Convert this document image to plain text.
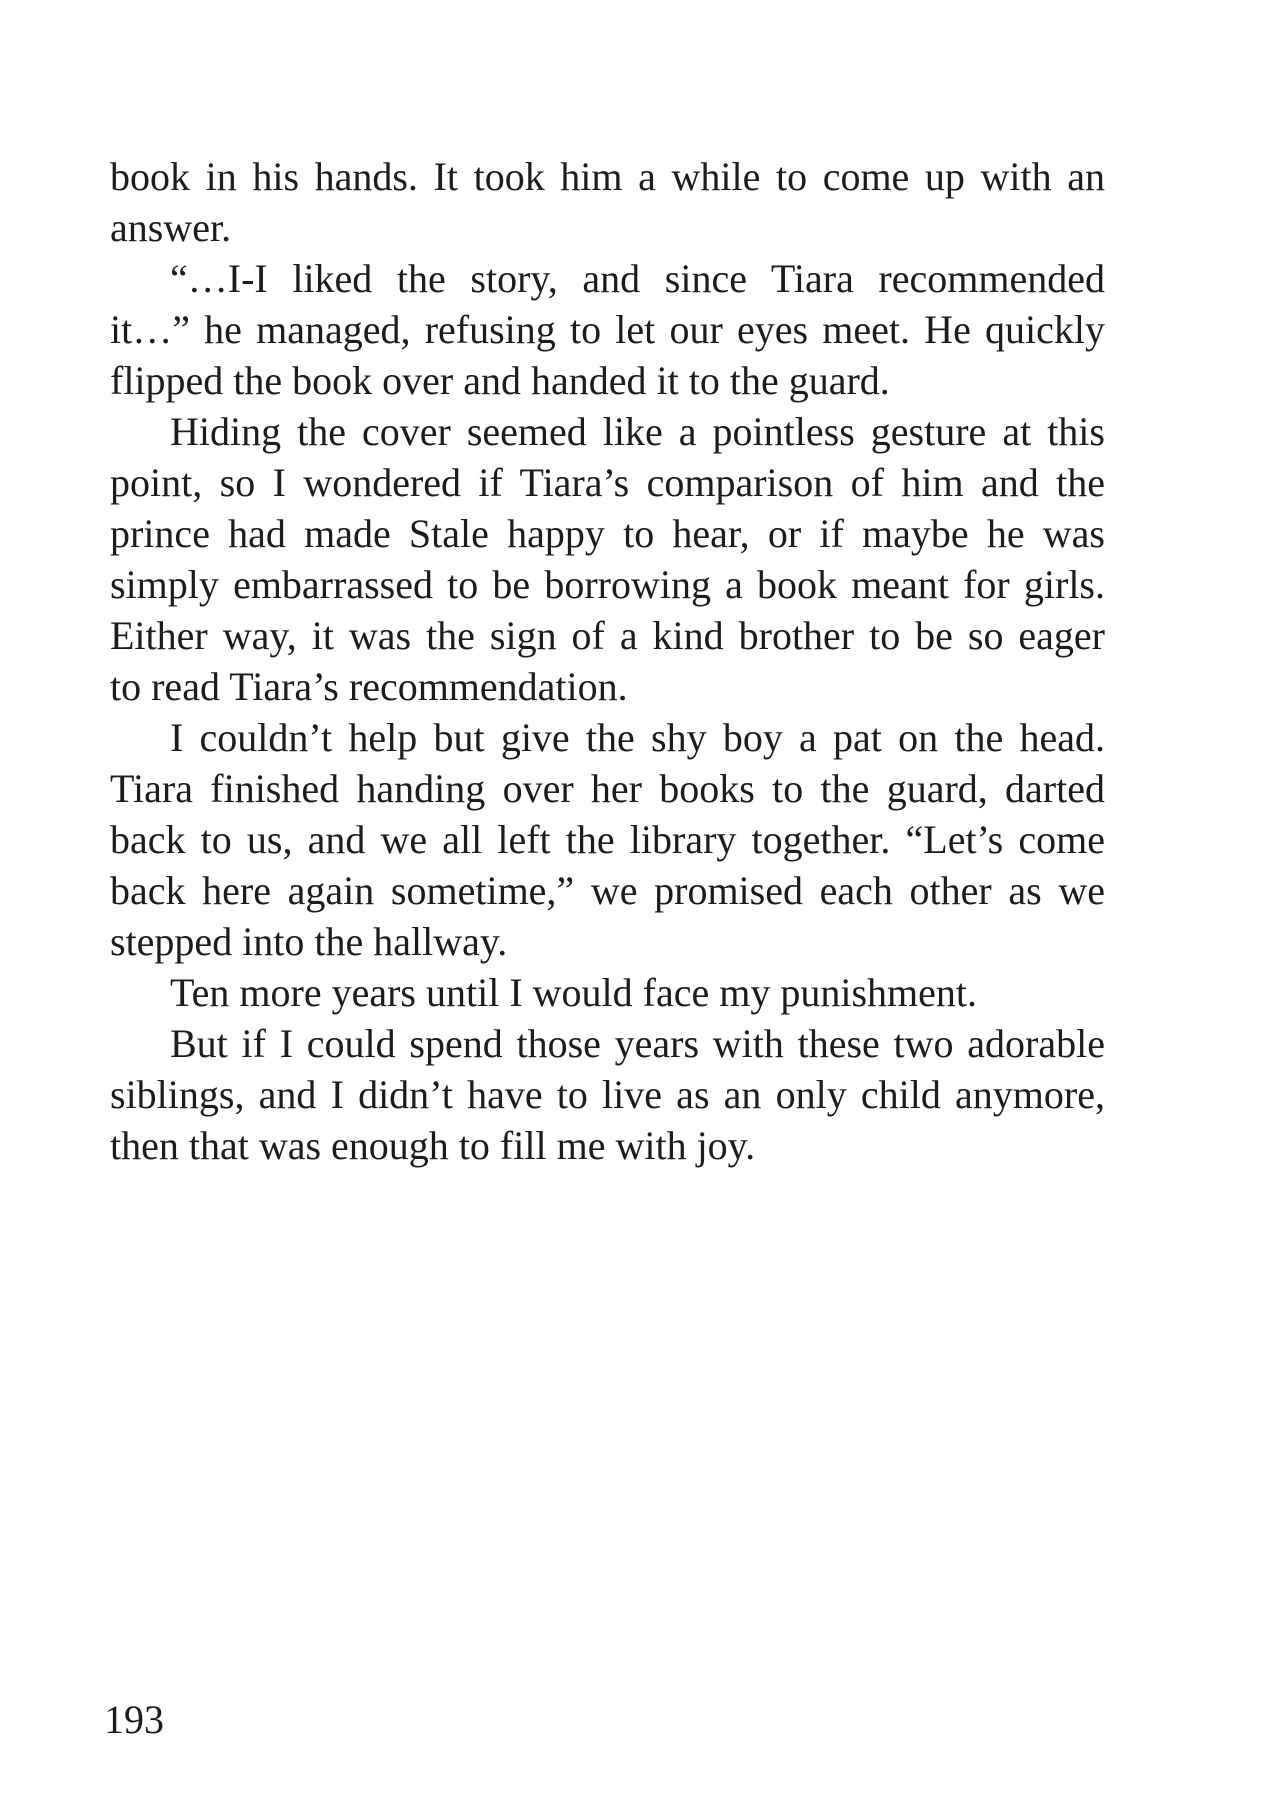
book in his hands. It took him a while to come up with an
answer.
“…I-I liked the story, and since Tiara recommended
it…” he managed, refusing to let our eyes meet. He quickly
flipped the book over and handed it to the guard.
Hiding the cover seemed like a pointless gesture at this
point, so I wondered if Tiara’s comparison of him and the
prince had made Stale happy to hear, or if maybe he was
simply embarrassed to be borrowing a book meant for girls.
Either way, it was the sign of a kind brother to be so eager
to read Tiara’s recommendation.
I couldn’t help but give the shy boy a pat on the head.
Tiara finished handing over her books to the guard, darted
back to us, and we all left the library together. “Let’s come
back here again sometime,” we promised each other as we
stepped into the hallway.
Ten more years until I would face my punishment.
But if I could spend those years with these two adorable
siblings, and I didn’t have to live as an only child anymore,
then that was enough to fill me with joy.
193
